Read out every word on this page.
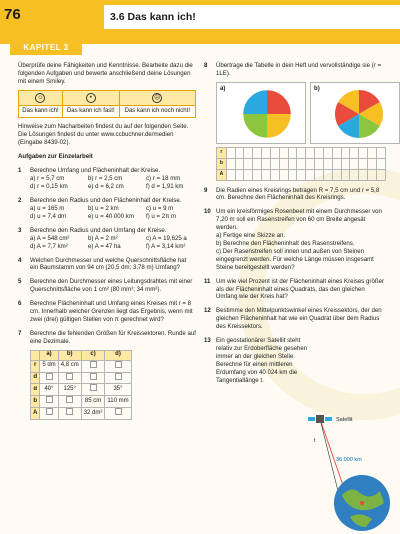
76	3.6 Das kann ich!
KAPITEL 3

Überprüfe deine Fähigkeiten und Kenntnisse. Bearbeite dazu die folgenden Aufgaben und bewerte anschließend deine Lösungen mit einem Smiley.

☺	•	☹
Das kann ich!	Das kann ich fast!	Das kann ich noch nicht!

Hinweise zum Nacharbeiten findest du auf der folgenden Seite. Die Lösungen findest du unter www.ccbuchner.de/medien (Eingabe 8439-02).

Aufgaben zur Einzelarbeit

1 Berechne Umfang und Flächeninhalt der Kreise.

a) r = 5,7 cm	b) r = 2,5 cm	c) r = 18 mm
d) r = 0,15 km	e) d = 6,2 cm	f) d = 1,91 km
2 Berechne den Radius und den Flächeninhalt der Kreise.

a) u = 165 m	b) u = 2 km	c) u = 9 m
d) u = 7,4 dm	e) u = 40 000 km	f) u = 2π m
3 Berechne den Radius und den Umfang der Kreise.

a) A = 548 cm²	b) A = 2 m²	c) A = 19,625 a
d) A = 7,7 km²	e) A = 47 ha	f) A = 3,14 km²
4 Welchen Durchmesser und welche Querschnittsfläche hat ein Baumstamm von 94 cm (20,5 dm; 3,78 m) Umfang?

5 Berechne den Durchmesser eines Leitungsdrahtes mit einer Querschnittsfläche von 1 cm² (80 mm²; 34 mm²).

6 Berechne Flächeninhalt und Umfang eines Kreises mit r = 8 cm. Innerhalb welcher Grenzen liegt das Ergebnis, wenn mit zwei (drei) gültigen Stellen von π gerechnet wird?

7 Berechne die fehlenden Größen für Kreissektoren. Runde auf eine Dezimale.

	a)	b)	c)	d)
r	5 dm	4,8 cm		
d				
α	40°	125°		35°
b			85 cm	110 mm
A			32 dm²	
8 Übertrage die Tabelle in dein Heft und vervollständige sie (r = 1LE).

a)	b)
r																		
b																		
A																		
9 Die Radien eines Kreisrings betragen R = 7,5 cm und r = 5,8 cm. Berechne den Flächeninhalt des Kreisrings.

10 Um ein kreisförmiges Rosenbeet mit einem Durchmesser von 7,20 m soll ein Rasenstreifen von 60 cm Breite angesät werden.

a) Fertige eine Skizze an.

b) Berechne den Flächeninhalt des Rasenstreifens.

c) Der Rasenstreifen soll innen und außen von Steinen eingegrenzt werden. Für welche Länge müssen insgesamt Steine bereitgestellt werden?

11 Um wie viel Prozent ist der Flächeninhalt eines Kreises größer als der Flächeninhalt eines Quadrats, das den gleichen Umfang wie der Kreis hat?

12 Bestimme den Mittelpunktswinkel eines Kreissektors, der den gleichen Flächeninhalt hat wie ein Quadrat über dem Radius des Kreissektors.

13 Ein geostationärer Satellit steht relativ zur Erdoberfläche gesehen immer an der gleichen Stelle. Berechne für einen mittleren Erdumfang von 40 024 km die Tangentiallänge t.

Satellit
36 000 km
t
